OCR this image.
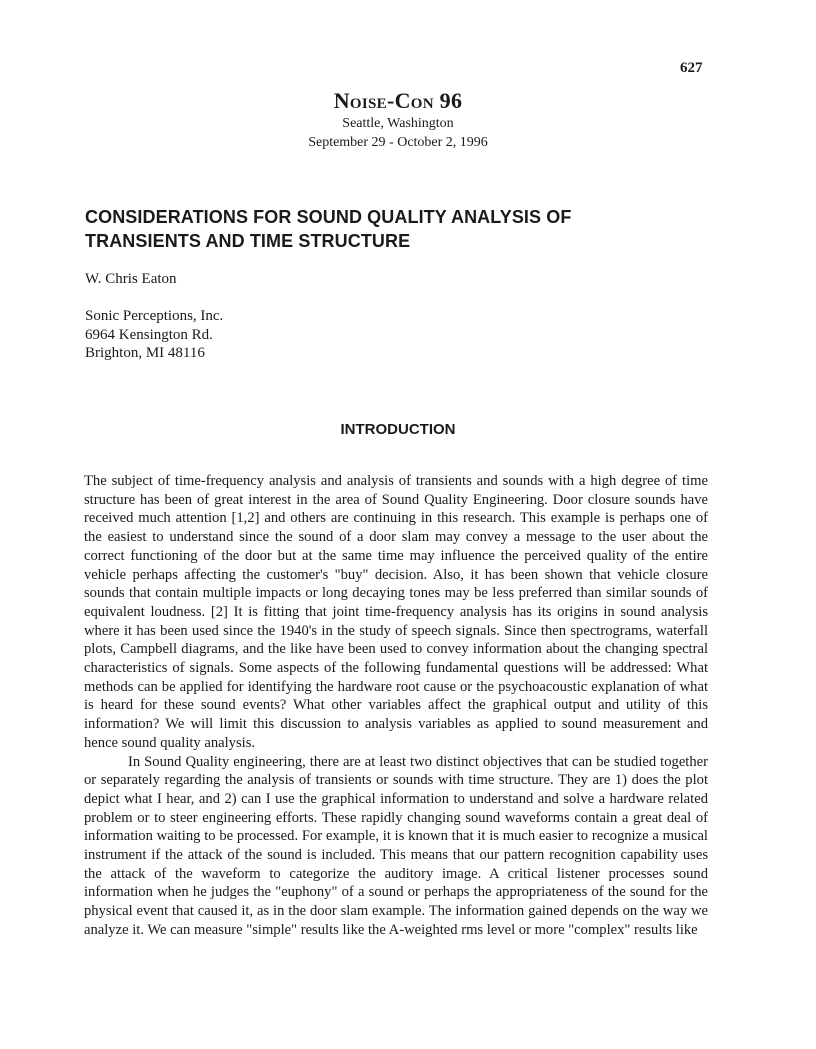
627
Noise-Con 96
Seattle, Washington
September 29 - October 2, 1996
CONSIDERATIONS FOR SOUND QUALITY ANALYSIS OF
TRANSIENTS AND TIME STRUCTURE
W. Chris Eaton
Sonic Perceptions, Inc.
6964 Kensington Rd.
Brighton, MI 48116
INTRODUCTION

The subject of time-frequency analysis and analysis of transients and sounds with a high degree of time structure has been of great interest in the area of Sound Quality Engineering. Door closure sounds have received much attention [1,2] and others are continuing in this research. This example is perhaps one of the easiest to understand since the sound of a door slam may convey a message to the user about the correct functioning of the door but at the same time may influence the perceived quality of the entire vehicle perhaps affecting the customer's "buy" decision. Also, it has been shown that vehicle closure sounds that contain multiple impacts or long decaying tones may be less preferred than similar sounds of equivalent loudness. [2] It is fitting that joint time-frequency analysis has its origins in sound analysis where it has been used since the 1940's in the study of speech signals. Since then spectrograms, waterfall plots, Campbell diagrams, and the like have been used to convey information about the changing spectral characteristics of signals. Some aspects of the following fundamental questions will be addressed: What methods can be applied for identifying the hardware root cause or the psychoacoustic explanation of what is heard for these sound events? What other variables affect the graphical output and utility of this information? We will limit this discussion to analysis variables as applied to sound measurement and hence sound quality analysis.

In Sound Quality engineering, there are at least two distinct objectives that can be studied together or separately regarding the analysis of transients or sounds with time structure. They are 1) does the plot depict what I hear, and 2) can I use the graphical information to understand and solve a hardware related problem or to steer engineering efforts. These rapidly changing sound waveforms contain a great deal of information waiting to be processed. For example, it is known that it is much easier to recognize a musical instrument if the attack of the sound is included. This means that our pattern recognition capability uses the attack of the waveform to categorize the auditory image. A critical listener processes sound information when he judges the "euphony" of a sound or perhaps the appropriateness of the sound for the physical event that caused it, as in the door slam example. The information gained depends on the way we analyze it. We can measure "simple" results like the A-weighted rms level or more "complex" results like
